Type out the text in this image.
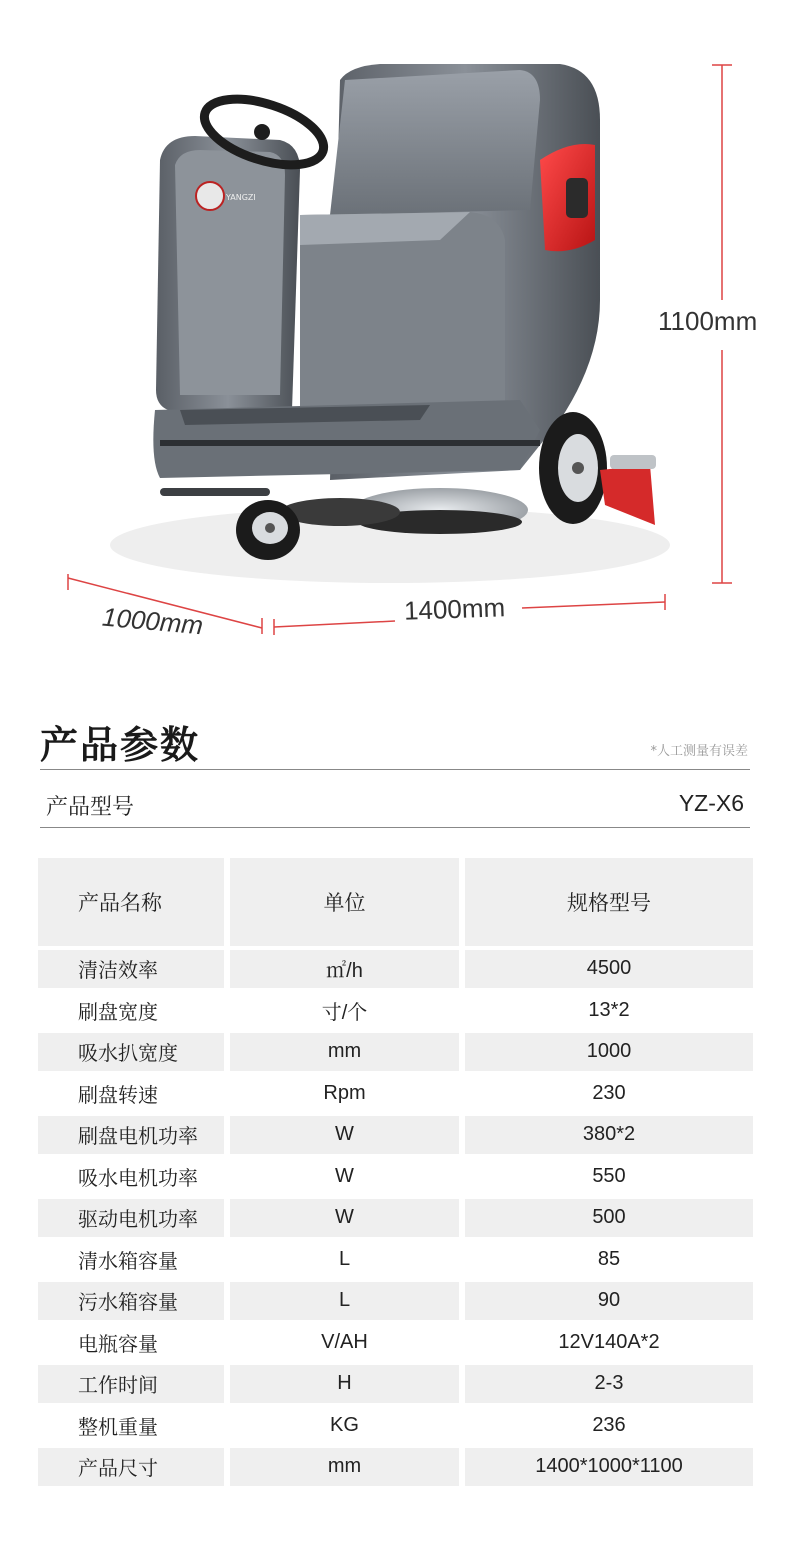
YANGZI
1100mm
1400mm
1000mm
产品参数	*人工测量有误差
产品型号	YZ-X6
产品名称	单位	规格型号
清洁效率	㎡/h	4500
刷盘宽度	寸/个	13*2
吸水扒宽度	mm	1000
刷盘转速	Rpm	230
刷盘电机功率	W	380*2
吸水电机功率	W	550
驱动电机功率	W	500
清水箱容量	L	85
污水箱容量	L	90
电瓶容量	V/AH	12V140A*2
工作时间	H	2-3
整机重量	KG	236
产品尺寸	mm	1400*1000*1100
